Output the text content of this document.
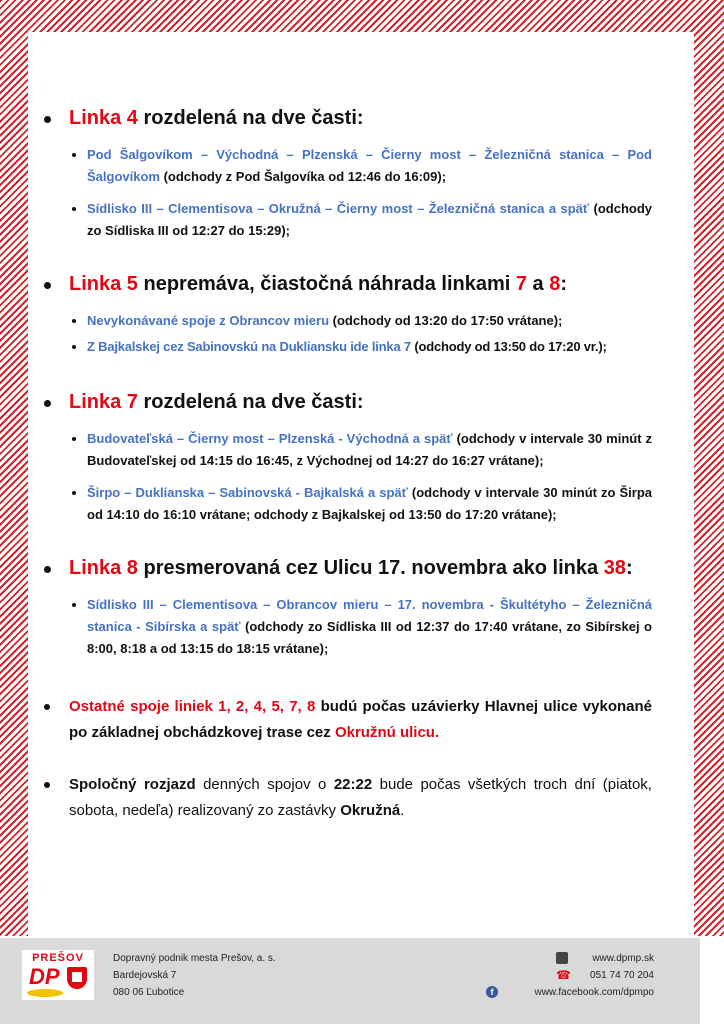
Linka 4 rozdelená na dve časti:

Pod Šalgovíkom – Východná – Plzenská – Čierny most – Železničná stanica – Pod Šalgovíkom (odchody z Pod Šalgovíka od 12:46 do 16:09);
Sídlisko III – Clementisova – Okružná – Čierny most – Železničná stanica a späť (odchody zo Sídliska III od 12:27 do 15:29);

Linka 5 nepremáva, čiastočná náhrada linkami 7 a 8:

Nevykonávané spoje z Obrancov mieru (odchody od 13:20 do 17:50 vrátane);
Z Bajkalskej cez Sabinovskú na Dukliansku ide linka 7 (odchody od 13:50 do 17:20 vr.);

Linka 7 rozdelená na dve časti:

Budovateľská – Čierny most – Plzenská - Východná a späť (odchody v intervale 30 minút z Budovateľskej od 14:15 do 16:45, z Východnej od 14:27 do 16:27 vrátane);
Širpo – Duklianska – Sabinovská - Bajkalská a späť (odchody v intervale 30 minút zo Širpa od 14:10 do 16:10 vrátane; odchody z Bajkalskej od 13:50 do 17:20 vrátane);

Linka 8 presmerovaná cez Ulicu 17. novembra ako linka 38:

Sídlisko III – Clementisova – Obrancov mieru – 17. novembra - Škultétyho – Železničná stanica - Sibírska a späť (odchody zo Sídliska III od 12:37 do 17:40 vrátane, zo Sibírskej o 8:00, 8:18 a od 13:15 do 18:15 vrátane);

Ostatné spoje liniek 1, 2, 4, 5, 7, 8 budú počas uzávierky Hlavnej ulice vykonané po základnej obchádzkovej trase cez Okružnú ulicu.

Spoločný rozjazd denných spojov o 22:22 bude počas všetkých troch dní (piatok, sobota, nedeľa) realizovaný zo zastávky Okružná.

PREŠOV
DP
Dopravný podnik mesta Prešov, a. s.
Bardejovská 7
080 06 Ľubotice
www.dpmp.sk
☎ 051 74 70 204
f	www.facebook.com/dpmpo
